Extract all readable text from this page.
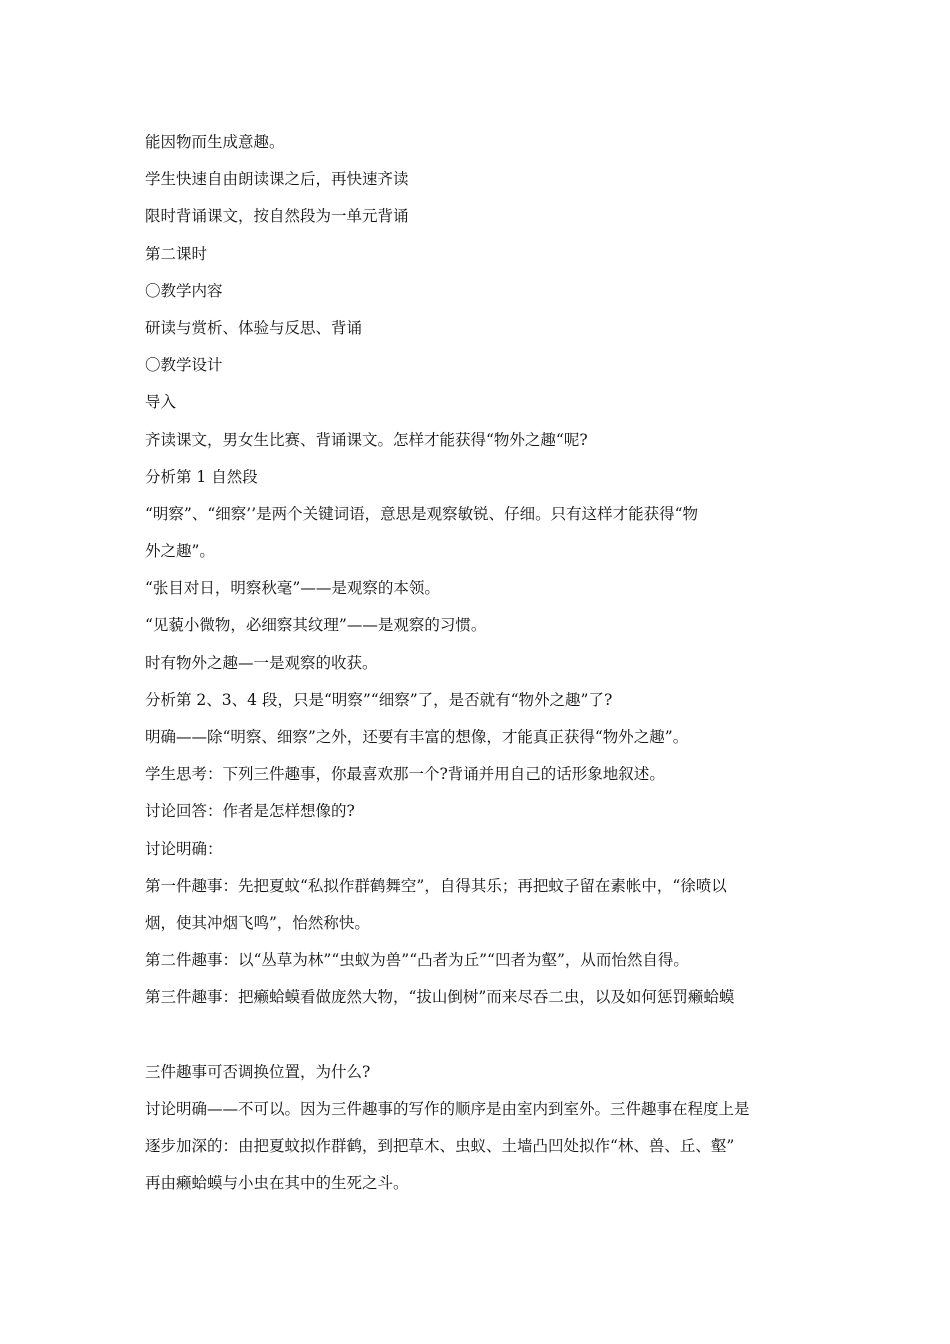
能因物而生成意趣。
学生快速自由朗读课之后，再快速齐读
限时背诵课文，按自然段为一单元背诵
第二课时
〇教学内容
研读与赏析、体验与反思、背诵
〇教学设计
导入
齐读课文，男女生比赛、背诵课文。怎样才能获得“物外之趣“呢?
分析第 1 自然段
“明察”、“细察’’是两个关键词语，意思是观察敏锐、仔细。只有这样才能获得“物
外之趣”。
“张目对日，明察秋毫”——是观察的本领。
“见藐小微物，必细察其纹理”——是观察的习惯。
时有物外之趣—一是观察的收获。
分析第 2、3、4 段，只是“明察”“细察”了，是否就有“物外之趣”了?
明确——除“明察、细察”之外，还要有丰富的想像，才能真正获得“物外之趣”。
学生思考：下列三件趣事，你最喜欢那一个?背诵并用自己的话形象地叙述。
讨论回答：作者是怎样想像的?
讨论明确：
第一件趣事：先把夏蚊“私拟作群鹤舞空”，自得其乐；再把蚊子留在素帐中，“徐喷以
烟，使其冲烟飞鸣”，怡然称快。
第二件趣事：以“丛草为林”“虫蚁为兽”“凸者为丘”“凹者为壑”，从而怡然自得。
第三件趣事：把癞蛤蟆看做庞然大物，“拔山倒树”而来尽吞二虫，以及如何惩罚癞蛤蟆
三件趣事可否调换位置，为什么?
讨论明确——不可以。因为三件趣事的写作的顺序是由室内到室外。三件趣事在程度上是
逐步加深的：由把夏蚊拟作群鹤，到把草木、虫蚁、土墙凸凹处拟作“林、兽、丘、壑”
再由癞蛤蟆与小虫在其中的生死之斗。
